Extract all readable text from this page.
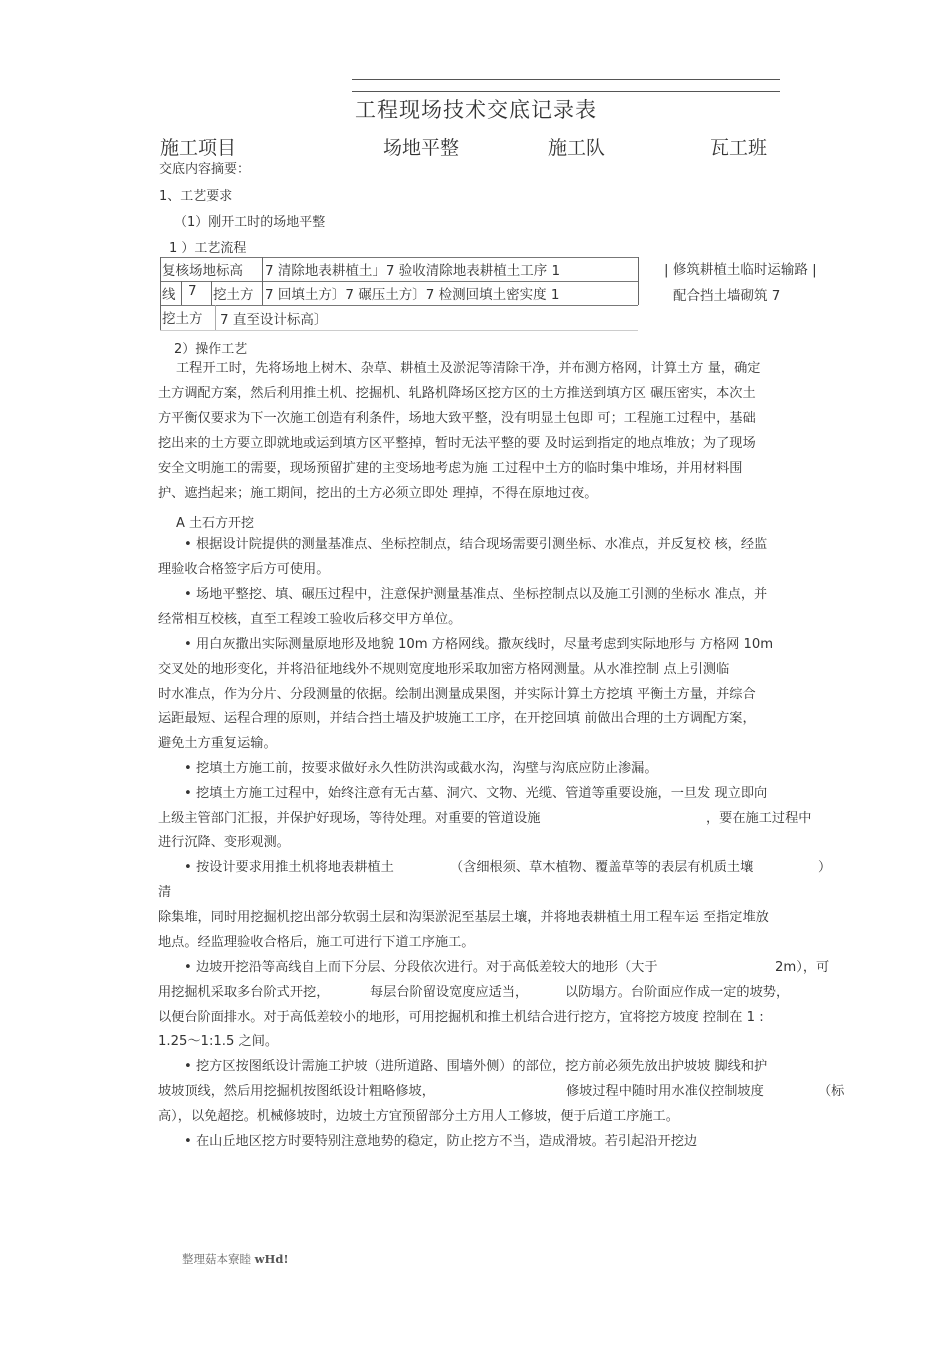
工程现场技术交底记录表
施工项目	场地平整	施工队	瓦工班
交底内容摘要：
1、工艺要求
（1）刚开工时的场地平整
1 ）工艺流程
复核场地标高 7 清除地表耕植土」7 验收清除地表耕植土工序 1
线 7 挖土方 7 回填土方〕7 碾压土方〕7 检测回填土密实度 1
挖土方 7 直至设计标高〕
| 修筑耕植土临时运输路 |
配合挡土墙砌筑 7
2）操作工艺
工程开工时，先将场地上树木、杂草、耕植土及淤泥等清除干净，并布测方格网，计算土方 量，确定
土方调配方案，然后利用推土机、挖掘机、轧路机降场区挖方区的土方推送到填方区 碾压密实，本次土
方平衡仅要求为下一次施工创造有利条件，场地大致平整，没有明显土包即 可；工程施工过程中，基础
挖出来的土方要立即就地或运到填方区平整掉，暂时无法平整的要 及时运到指定的地点堆放；为了现场
安全文明施工的需要，现场预留扩建的主变场地考虑为施 工过程中土方的临时集中堆场，并用材料围
护、遮挡起来；施工期间，挖出的土方必须立即处 理掉，不得在原地过夜。
A 土石方开挖
• 根据设计院提供的测量基准点、坐标控制点，结合现场需要引测坐标、水准点，并反复校 核，经监
理验收合格签字后方可使用。
• 场地平整挖、填、碾压过程中，注意保护测量基准点、坐标控制点以及施工引测的坐标水 准点，并
经常相互校核，直至工程竣工验收后移交甲方单位。
• 用白灰撒出实际测量原地形及地貌 10m 方格网线。撒灰线时，尽量考虑到实际地形与 方格网 10m
交叉处的地形变化，并将沿征地线外不规则宽度地形采取加密方格网测量。从水准控制 点上引测临
时水准点，作为分片、分段测量的依据。绘制出测量成果图，并实际计算土方挖填 平衡土方量，并综合
运距最短、运程合理的原则，并结合挡土墙及护坡施工工序，在开挖回填 前做出合理的土方调配方案，
避免土方重复运输。
• 挖填土方施工前，按要求做好永久性防洪沟或截水沟，沟壁与沟底应防止渗漏。
• 挖填土方施工过程中，始终注意有无古墓、洞穴、文物、光缆、管道等重要设施，一旦发 现立即向
上级主管部门汇报，并保护好现场，等待处理。对重要的管道设施	，要在施工过程中
进行沉降、变形观测。
• 按设计要求用推土机将地表耕植土	（含细根须、草木植物、覆盖草等的表层有机质土壤	）
清
除集堆，同时用挖掘机挖出部分软弱土层和沟渠淤泥至基层土壤，并将地表耕植土用工程车运 至指定堆放
地点。经监理验收合格后，施工可进行下道工序施工。
• 边坡开挖沿等高线自上而下分层、分段依次进行。对于高低差较大的地形（大于	2m），可
用挖掘机采取多台阶式开挖，	每层台阶留设宽度应适当，	以防塌方。台阶面应作成一定的坡势，
以便台阶面排水。对于高低差较小的地形，可用挖掘机和推土机结合进行挖方，宜将挖方坡度 控制在 1 :
1.25～1:1.5 之间。
• 挖方区按图纸设计需施工护坡（进所道路、围墙外侧）的部位，挖方前必须先放出护坡坡 脚线和护
坡坡顶线，然后用挖掘机按图纸设计粗略修坡，	修坡过程中随时用水准仪控制坡度	（标
高），以免超挖。机械修坡时，边坡土方宜预留部分土方用人工修坡，便于后道工序施工。
• 在山丘地区挖方时要特别注意地势的稳定，防止挖方不当，造成滑坡。若引起沿开挖边
整理菇本寮睦 wHd!
